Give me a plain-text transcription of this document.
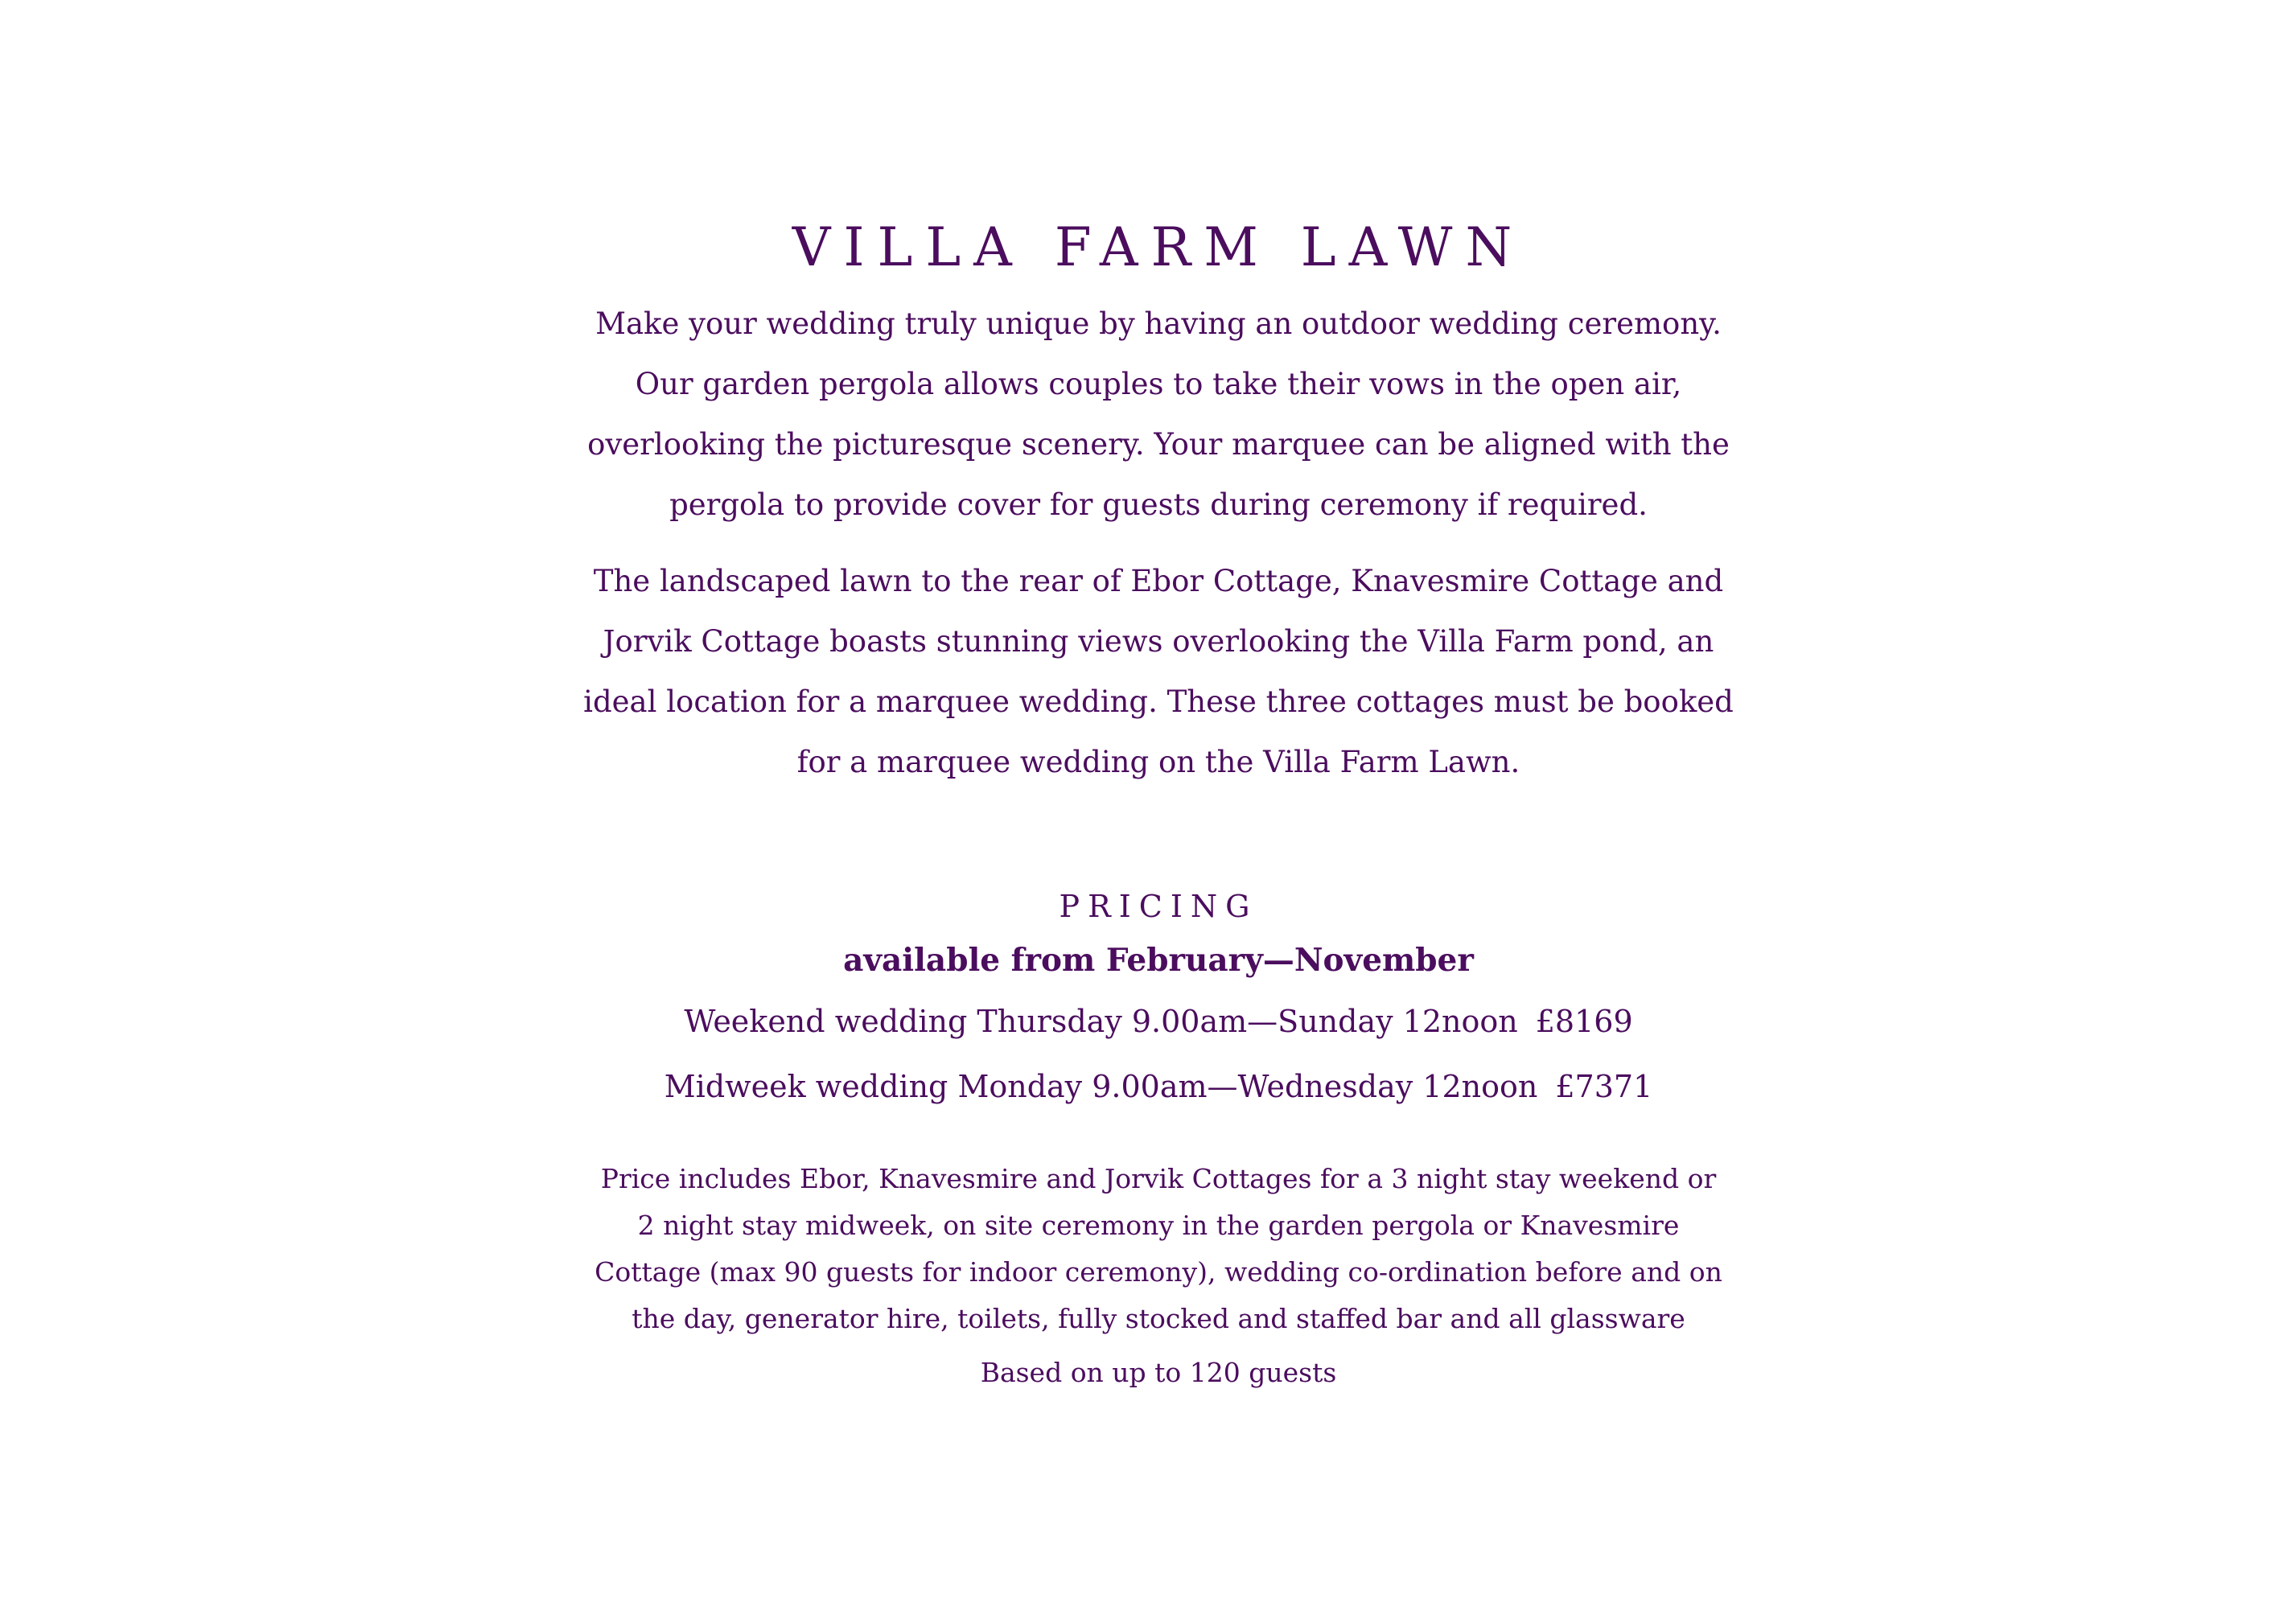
VILLA FARM LAWN

Make your wedding truly unique by having an outdoor wedding ceremony. Our garden pergola allows couples to take their vows in the open air, overlooking the picturesque scenery. Your marquee can be aligned with the pergola to provide cover for guests during ceremony if required.

The landscaped lawn to the rear of Ebor Cottage, Knavesmire Cottage and Jorvik Cottage boasts stunning views overlooking the Villa Farm pond, an ideal location for a marquee wedding. These three cottages must be booked for a marquee wedding on the Villa Farm Lawn.

PRICING
available from February—November
Weekend wedding Thursday 9.00am—Sunday 12noon £8169
Midweek wedding Monday 9.00am—Wednesday 12noon £7371

Price includes Ebor, Knavesmire and Jorvik Cottages for a 3 night stay weekend or 2 night stay midweek, on site ceremony in the garden pergola or Knavesmire Cottage (max 90 guests for indoor ceremony), wedding co-ordination before and on the day, generator hire, toilets, fully stocked and staffed bar and all glassware

Based on up to 120 guests
